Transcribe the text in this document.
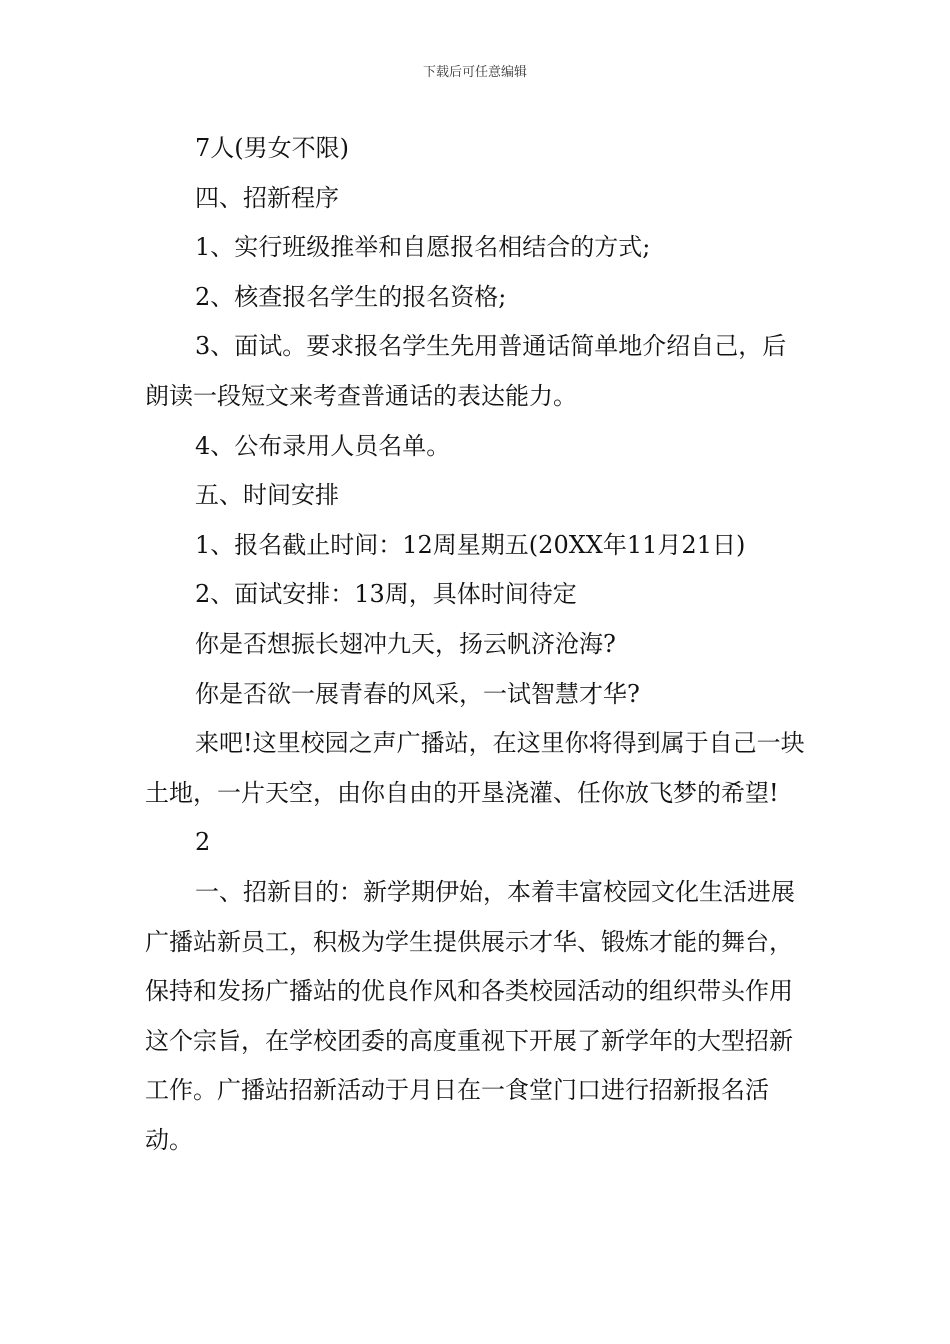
下载后可任意编辑

7人(男女不限)

四、招新程序

1、实行班级推举和自愿报名相结合的方式;

2、核查报名学生的报名资格;

3、面试。要求报名学生先用普通话简单地介绍自己，后朗读一段短文来考查普通话的表达能力。

4、公布录用人员名单。

五、时间安排

1、报名截止时间：12周星期五(20XX年11月21日)

2、面试安排：13周，具体时间待定

你是否想振长翅冲九天，扬云帆济沧海?

你是否欲一展青春的风采，一试智慧才华?

来吧!这里校园之声广播站，在这里你将得到属于自己一块土地，一片天空，由你自由的开垦浇灌、任你放飞梦的希望!

2

一、招新目的：新学期伊始，本着丰富校园文化生活进展广播站新员工，积极为学生提供展示才华、锻炼才能的舞台，保持和发扬广播站的优良作风和各类校园活动的组织带头作用这个宗旨，在学校团委的高度重视下开展了新学年的大型招新工作。广播站招新活动于月日在一食堂门口进行招新报名活动。
